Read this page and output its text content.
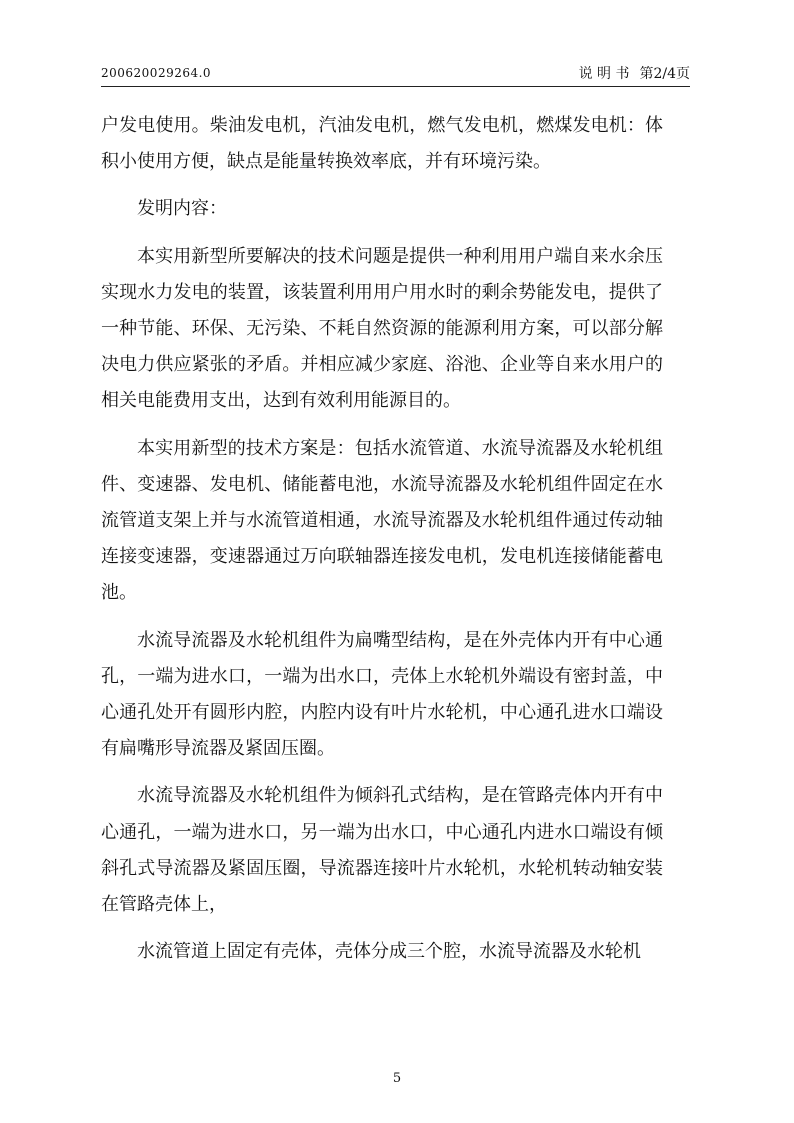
200620029264.0	说 明 书 第2/4页

户发电使用。柴油发电机，汽油发电机，燃气发电机，燃煤发电机：体积小使用方便，缺点是能量转换效率底，并有环境污染。

发明内容：

本实用新型所要解决的技术问题是提供一种利用用户端自来水余压实现水力发电的装置，该装置利用用户用水时的剩余势能发电，提供了一种节能、环保、无污染、不耗自然资源的能源利用方案，可以部分解决电力供应紧张的矛盾。并相应减少家庭、浴池、企业等自来水用户的相关电能费用支出，达到有效利用能源目的。

本实用新型的技术方案是：包括水流管道、水流导流器及水轮机组件、变速器、发电机、储能蓄电池，水流导流器及水轮机组件固定在水流管道支架上并与水流管道相通，水流导流器及水轮机组件通过传动轴连接变速器，变速器通过万向联轴器连接发电机，发电机连接储能蓄电池。

水流导流器及水轮机组件为扁嘴型结构，是在外壳体内开有中心通孔，一端为进水口，一端为出水口，壳体上水轮机外端设有密封盖，中心通孔处开有圆形内腔，内腔内设有叶片水轮机，中心通孔进水口端设有扁嘴形导流器及紧固压圈。

水流导流器及水轮机组件为倾斜孔式结构，是在管路壳体内开有中心通孔，一端为进水口，另一端为出水口，中心通孔内进水口端设有倾斜孔式导流器及紧固压圈，导流器连接叶片水轮机，水轮机转动轴安装在管路壳体上，

水流管道上固定有壳体，壳体分成三个腔，水流导流器及水轮机

5
